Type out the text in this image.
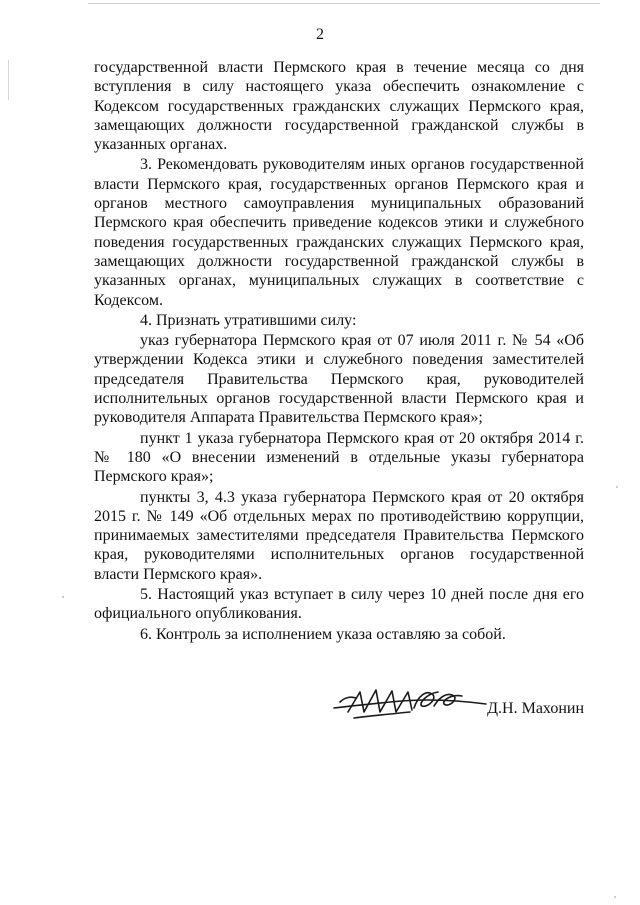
2

государственной власти Пермского края в течение месяца со дня вступления в силу настоящего указа обеспечить ознакомление с Кодексом государственных гражданских служащих Пермского края, замещающих должности государственной гражданской службы в указанных органах.

3. Рекомендовать руководителям иных органов государственной власти Пермского края, государственных органов Пермского края и органов местного самоуправления муниципальных образований Пермского края обеспечить приведение кодексов этики и служебного поведения государственных гражданских служащих Пермского края, замещающих должности государственной гражданской службы в указанных органах, муниципальных служащих в соответствие с Кодексом.

4. Признать утратившими силу:

указ губернатора Пермского края от 07 июля 2011 г. № 54 «Об утверждении Кодекса этики и служебного поведения заместителей председателя Правительства Пермского края, руководителей исполнительных органов государственной власти Пермского края и руководителя Аппарата Правительства Пермского края»;

пункт 1 указа губернатора Пермского края от 20 октября 2014 г. № 180 «О внесении изменений в отдельные указы губернатора Пермского края»;

пункты 3, 4.3 указа губернатора Пермского края от 20 октября 2015 г. № 149 «Об отдельных мерах по противодействию коррупции, принимаемых заместителями председателя Правительства Пермского края, руководителями исполнительных органов государственной власти Пермского края».

5. Настоящий указ вступает в силу через 10 дней после дня его официального опубликования.

6. Контроль за исполнением указа оставляю за собой.

Д.Н. Махонин
